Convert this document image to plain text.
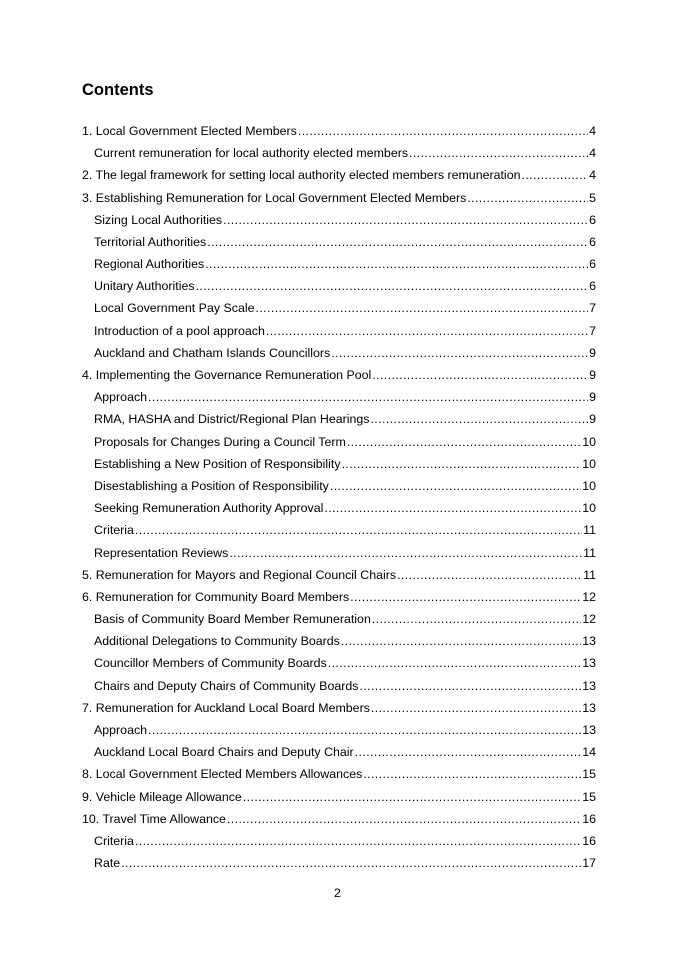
Contents
1. Local Government Elected Members .....	4
Current remuneration for local authority elected members .....	4
2. The legal framework for setting local authority elected members remuneration .....	4
3. Establishing Remuneration for Local Government Elected Members .....	5
Sizing Local Authorities .....	6
Territorial Authorities .....	6
Regional Authorities .....	6
Unitary Authorities .....	6
Local Government Pay Scale .....	7
Introduction of a pool approach .....	7
Auckland and Chatham Islands Councillors .....	9
4. Implementing the Governance Remuneration Pool .....	9
Approach .....	9
RMA, HASHA and District/Regional Plan Hearings .....	9
Proposals for Changes During a Council Term .....	10
Establishing a New Position of Responsibility .....	10
Disestablishing a Position of Responsibility .....	10
Seeking Remuneration Authority Approval .....	10
Criteria .....	11
Representation Reviews .....	11
5. Remuneration for Mayors and Regional Council Chairs .....	11
6. Remuneration for Community Board Members .....	12
Basis of Community Board Member Remuneration .....	12
Additional Delegations to Community Boards .....	13
Councillor Members of Community Boards .....	13
Chairs and Deputy Chairs of Community Boards .....	13
7. Remuneration for Auckland Local Board Members .....	13
Approach .....	13
Auckland Local Board Chairs and Deputy Chair .....	14
8. Local Government Elected Members Allowances .....	15
9. Vehicle Mileage Allowance .....	15
10. Travel Time Allowance .....	16
Criteria .....	16
Rate .....	17
2
